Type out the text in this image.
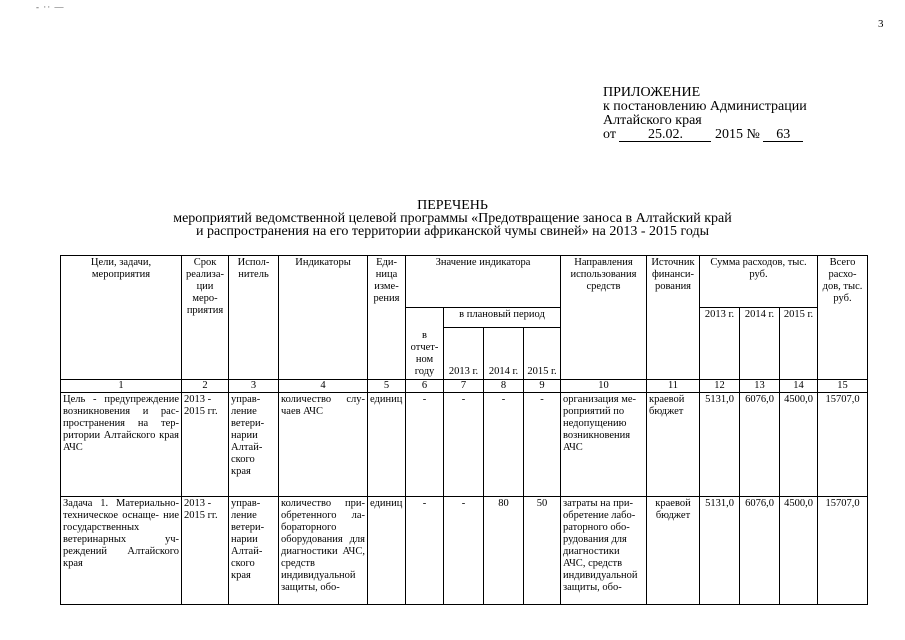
- ·· —
3
ПРИЛОЖЕНИЕ
к постановлению Администрации
Алтайского края
от 25.02. 2015 № 63
ПЕРЕЧЕНЬ
мероприятий ведомственной целевой программы «Предотвращение заноса в Алтайский край
и распространения на его территории африканской чумы свиней» на 2013 - 2015 годы
Цели, задачи, мероприятия	Срок реализа- ции меро- приятия	Испол- нитель	Индикаторы	Еди- ница изме- рения	Значение индикатора				Направления использования средств	Источник финанси- рования	Сумма расходов, тыс. руб.			Всего расхо- дов, тыс. руб.
					в отчет- ном году	в плановый период					2013 г.	2014 г.	2015 г.	
						2013 г.	2014 г.	2015 г.						
1	2	3	4	5	6	7	8	9	10	11	12	13	14	15
Цель - предупреждение возникновения и рас- пространения на тер- ритории Алтайского края АЧС	2013 - 2015 гг.	управ- ление ветери- нарии Алтай- ского края	количество слу- чаев АЧС	единиц	-	-	-	-	организация ме- роприятий по недопущению возникновения АЧС	краевой бюджет	5131,0	6076,0	4500,0	15707,0
Задача 1. Материально- техническое оснаще- ние государственных ветеринарных уч- реждений Алтайского края	2013 - 2015 гг.	управ- ление ветери- нарии Алтай- ского края	количество при- обретенного ла- бораторного оборудования для диагностики АЧС, средств индивидуальной защиты, обо-	единиц	-	-	80	50	затраты на при- обретение лабо- раторного обо- рудования для диагностики АЧС, средств индивидуальной защиты, обо-	краевой бюджет	5131,0	6076,0	4500,0	15707,0
